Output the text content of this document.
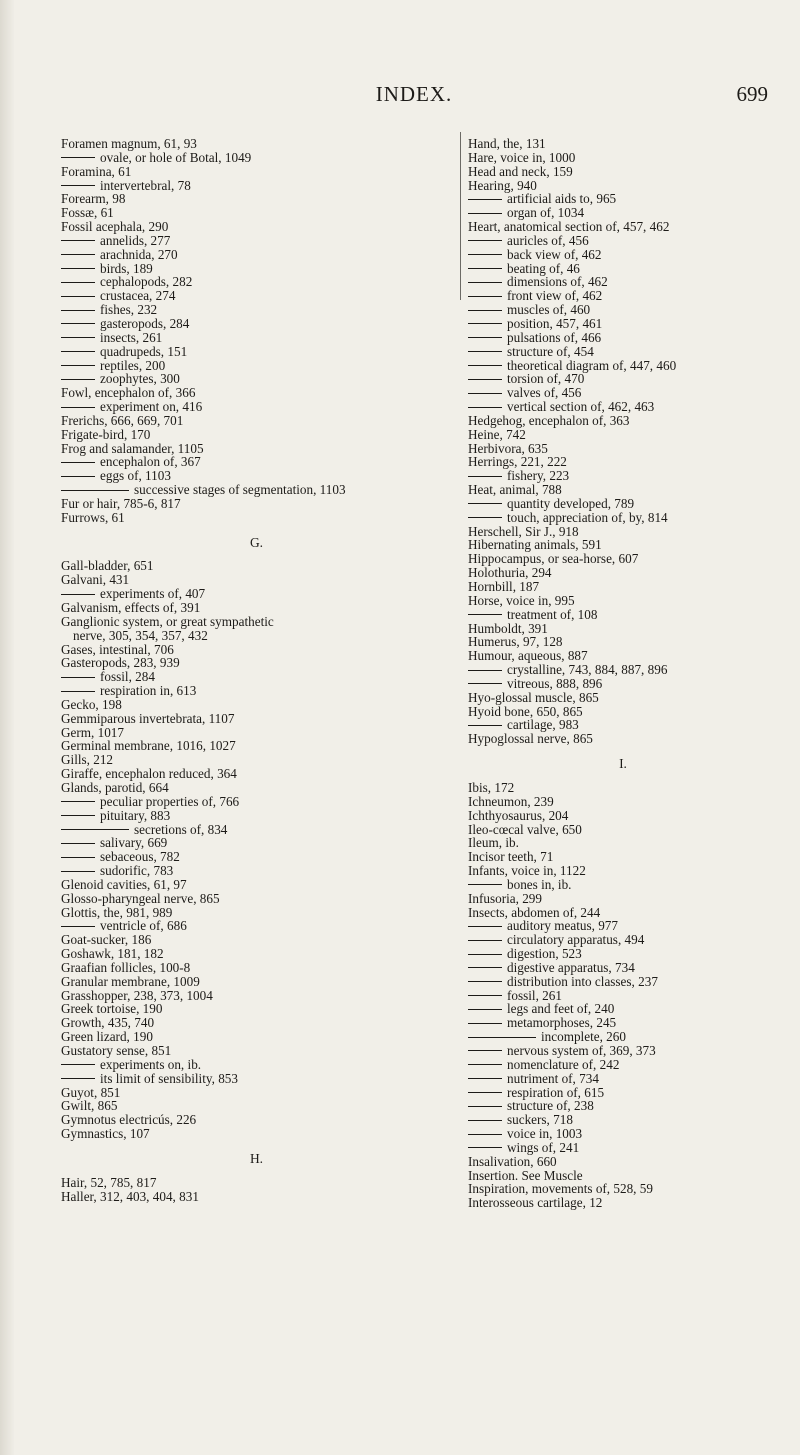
INDEX.	699
Foramen magnum, 61, 93
ovale, or hole of Botal, 1049
Foramina, 61
intervertebral, 78
Forearm, 98
Fossæ, 61
Fossil acephala, 290
annelids, 277
arachnida, 270
birds, 189
cephalopods, 282
crustacea, 274
fishes, 232
gasteropods, 284
insects, 261
quadrupeds, 151
reptiles, 200
zoophytes, 300
Fowl, encephalon of, 366
experiment on, 416
Frerichs, 666, 669, 701
Frigate-bird, 170
Frog and salamander, 1105
encephalon of, 367
eggs of, 1103
successive stages of segmentation, 1103
Fur or hair, 785-6, 817
Furrows, 61
G.
Gall-bladder, 651
Galvani, 431
experiments of, 407
Galvanism, effects of, 391
Ganglionic system, or great sympathetic
nerve, 305, 354, 357, 432
Gases, intestinal, 706
Gasteropods, 283, 939
fossil, 284
respiration in, 613
Gecko, 198
Gemmiparous invertebrata, 1107
Germ, 1017
Germinal membrane, 1016, 1027
Gills, 212
Giraffe, encephalon reduced, 364
Glands, parotid, 664
peculiar properties of, 766
pituitary, 883
secretions of, 834
salivary, 669
sebaceous, 782
sudorific, 783
Glenoid cavities, 61, 97
Glosso-pharyngeal nerve, 865
Glottis, the, 981, 989
ventricle of, 686
Goat-sucker, 186
Goshawk, 181, 182
Graafian follicles, 100-8
Granular membrane, 1009
Grasshopper, 238, 373, 1004
Greek tortoise, 190
Growth, 435, 740
Green lizard, 190
Gustatory sense, 851
experiments on, ib.
its limit of sensibility, 853
Guyot, 851
Gwilt, 865
Gymnotus electricús, 226
Gymnastics, 107
H.
Hair, 52, 785, 817
Haller, 312, 403, 404, 831
Hand, the, 131
Hare, voice in, 1000
Head and neck, 159
Hearing, 940
artificial aids to, 965
organ of, 1034
Heart, anatomical section of, 457, 462
auricles of, 456
back view of, 462
beating of, 46
dimensions of, 462
front view of, 462
muscles of, 460
position, 457, 461
pulsations of, 466
structure of, 454
theoretical diagram of, 447, 460
torsion of, 470
valves of, 456
vertical section of, 462, 463
Hedgehog, encephalon of, 363
Heine, 742
Herbivora, 635
Herrings, 221, 222
fishery, 223
Heat, animal, 788
quantity developed, 789
touch, appreciation of, by, 814
Herschell, Sir J., 918
Hibernating animals, 591
Hippocampus, or sea-horse, 607
Holothuria, 294
Hornbill, 187
Horse, voice in, 995
treatment of, 108
Humboldt, 391
Humerus, 97, 128
Humour, aqueous, 887
crystalline, 743, 884, 887, 896
vitreous, 888, 896
Hyo-glossal muscle, 865
Hyoid bone, 650, 865
cartilage, 983
Hypoglossal nerve, 865
I.
Ibis, 172
Ichneumon, 239
Ichthyosaurus, 204
Ileo-cœcal valve, 650
Ileum, ib.
Incisor teeth, 71
Infants, voice in, 1122
bones in, ib.
Infusoria, 299
Insects, abdomen of, 244
auditory meatus, 977
circulatory apparatus, 494
digestion, 523
digestive apparatus, 734
distribution into classes, 237
fossil, 261
legs and feet of, 240
metamorphoses, 245
incomplete, 260
nervous system of, 369, 373
nomenclature of, 242
nutriment of, 734
respiration of, 615
structure of, 238
suckers, 718
voice in, 1003
wings of, 241
Insalivation, 660
Insertion. See Muscle
Inspiration, movements of, 528, 59
Interosseous cartilage, 12
